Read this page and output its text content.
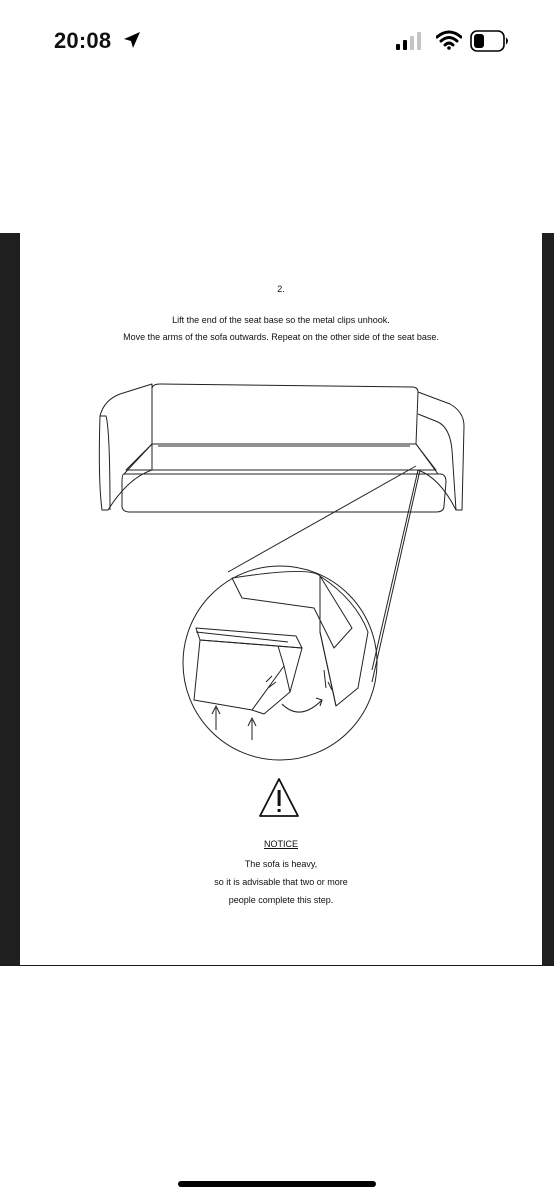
20:08
2.
Lift the end of the seat base so the metal clips unhook.
Move the arms of the sofa outwards. Repeat on the other side of the seat base.
NOTICE
The sofa is heavy,
so it is advisable that two or more
people complete this step.
